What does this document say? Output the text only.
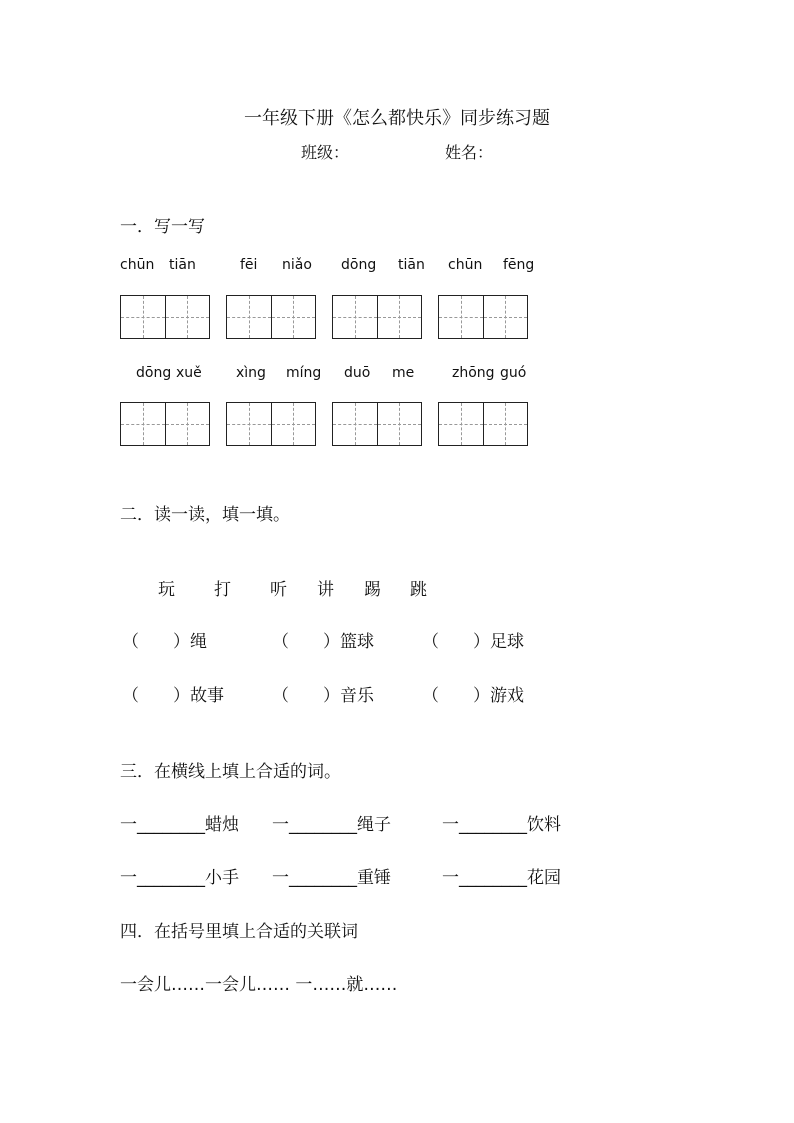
一年级下册《怎么都快乐》同步练习题
班级：	姓名：
一．写一写
chūn tiān	fēi niǎo dōng tiān chūn fēng
dōng xuě xìng míng duō me	zhōng guó
二．读一读，填一填。
玩 打 听 讲 踢 跳
（　　）绳	（　　）篮球	（　　）足球
（　　）故事	（　　）音乐	（　　）游戏
三．在横线上填上合适的词。
一________蜡烛 一________绳子	一________饮料
一________小手 一________重锤	一________花园
四．在括号里填上合适的关联词
一会儿……一会儿…… 一……就……
